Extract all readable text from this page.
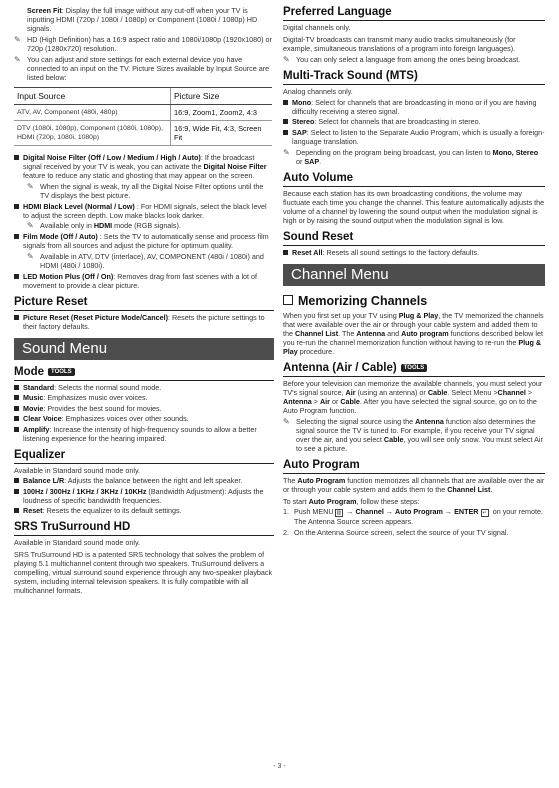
Screen Fit: Display the full image without any cut-off when your TV is inputting HDMI (720p / 1080i / 1080p) or Component (1080i / 1080p) HD signals.

✎ HD (High Definition) has a 16:9 aspect ratio and 1080i/1080p (1920x1080) or 720p (1280x720) resolution.
✎ You can adjust and store settings for each external device you have connected to an input on the TV. Picture Sizes available by Input Source are listed below:
Input Source	Picture Size
ATV, AV, Component (480i, 480p)	16:9, Zoom1, Zoom2, 4:3
DTV (1080i, 1080p), Component (1080i, 1080p), HDMI (720p, 1080i, 1080p)	16:9, Wide Fit, 4:3, Screen Fit
Digital Noise Filter (Off / Low / Medium / High / Auto): If the broadcast signal received by your TV is weak, you can activate the Digital Noise Filter feature to reduce any static and ghosting that may appear on the screen.
✎ When the signal is weak, try all the Digital Noise Filter options until the TV displays the best picture.
HDMI Black Level (Normal / Low) : For HDMI signals, select the black level to adjust the screen depth. Low make blacks look darker.
✎ Available only in HDMI mode (RGB signals).
Film Mode (Off / Auto) : Sets the TV to automatically sense and process film signals from all sources and adjust the picture for optimum quality.
✎ Available in ATV, DTV (interlace), AV, COMPONENT (480i / 1080i) and HDMI (480i / 1080i).
LED Motion Plus (Off / On): Removes drag from fast scenes with a lot of movement to provide a clear picture.
Picture Reset
Picture Reset (Reset Picture Mode/Cancel): Resets the picture settings to their factory defaults.
Sound Menu
Mode TOOLS
Standard: Selects the normal sound mode.
Music: Emphasizes music over voices.
Movie: Provides the best sound for movies.
Clear Voice: Emphasizes voices over other sounds.
Amplify: Increase the intensity of high-frequency sounds to allow a better listening experience for the hearing impaired.
Equalizer

Available in Standard sound mode only.

Balance L/R: Adjusts the balance between the right and left speaker.
100Hz / 300Hz / 1KHz / 3KHz / 10KHz (Bandwidth Adjustment): Adjusts the loudness of specific bandwidth frequencies.
Reset: Resets the equalizer to its default settings.
SRS TruSurround HD

Available in Standard sound mode only.

SRS TruSurround HD is a patented SRS technology that solves the problem of playing 5.1 multichannel content through two speakers. TruSurround delivers a compelling, virtual surround sound experience through any two-speaker playback system, including internal television speakers. It is fully compatible with all multichannel formats.

Preferred Language

Digital channels only.

Digital-TV broadcasts can transmit many audio tracks simultaneously (for example, simultaneous translations of a program into foreign languages).

✎ You can only select a language from among the ones being broadcast.
Multi-Track Sound (MTS)

Analog channels only.

Mono: Select for channels that are broadcasting in mono or if you are having difficulty receiving a stereo signal.
Stereo: Select for channels that are broadcasting in stereo.
SAP: Select to listen to the Separate Audio Program, which is usually a foreign-language translation.
✎ Depending on the program being broadcast, you can listen to Mono, Stereo or SAP.
Auto Volume

Because each station has its own broadcasting conditions, the volume may fluctuate each time you change the channel. This feature automatically adjusts the volume of a channel by lowering the sound output when the modulation signal is high or by raising the sound output when the modulation signal is low.

Sound Reset
Reset All: Resets all sound settings to the factory defaults.
Channel Menu
Memorizing Channels

When you first set up your TV using Plug & Play, the TV memorized the channels that were available over the air or through your cable system and added them to the Channel List. The Antenna and Auto program functions described below let you re-run the channel memorization function without having to re-run the Plug & Play procedure.

Antenna (Air / Cable) TOOLS

Before your television can memorize the available channels, you must select your TV's signal source, Air (using an antenna) or Cable. Select Menu >Channel > Antenna > Air or Cable. After you have selected the signal source, go on to the Auto Program function.

✎ Selecting the signal source using the Antenna function also determines the signal source the TV is tuned to. For example, if you receive your TV signal over the air, and you select Cable, you will see only snow. You must select Air to see a picture.
Auto Program

The Auto Program function memorizes all channels that are available over the air or through your cable system and adds them to the Channel List.

To start Auto Program, follow these steps:

1. Push MENU ▥ → Channel → Auto Program → ENTER ↵ on your remote. The Antenna Source screen appears.
2. On the Antenna Source screen, select the source of your TV signal.
- 3 -
